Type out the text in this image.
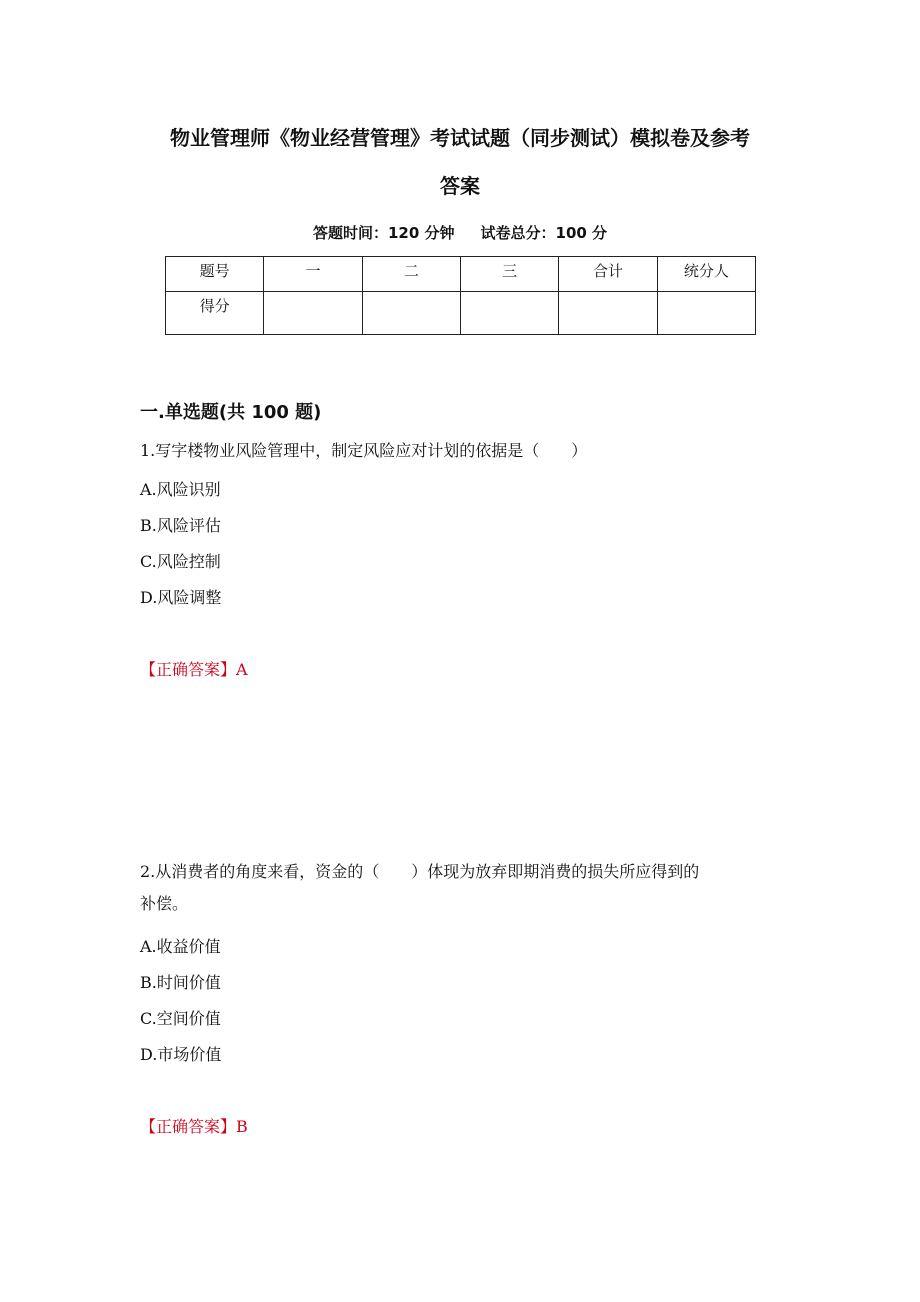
物业管理师《物业经营管理》考试试题（同步测试）模拟卷及参考
答案
答题时间：120 分钟 试卷总分：100 分
题号	一	二	三	合计	统分人
得分					
一.单选题(共 100 题)
1.写字楼物业风险管理中，制定风险应对计划的依据是（　　）
A.风险识别
B.风险评估
C.风险控制
D.风险调整
【正确答案】A
2.从消费者的角度来看，资金的（　　）体现为放弃即期消费的损失所应得到的
补偿。
A.收益价值
B.时间价值
C.空间价值
D.市场价值
【正确答案】B
